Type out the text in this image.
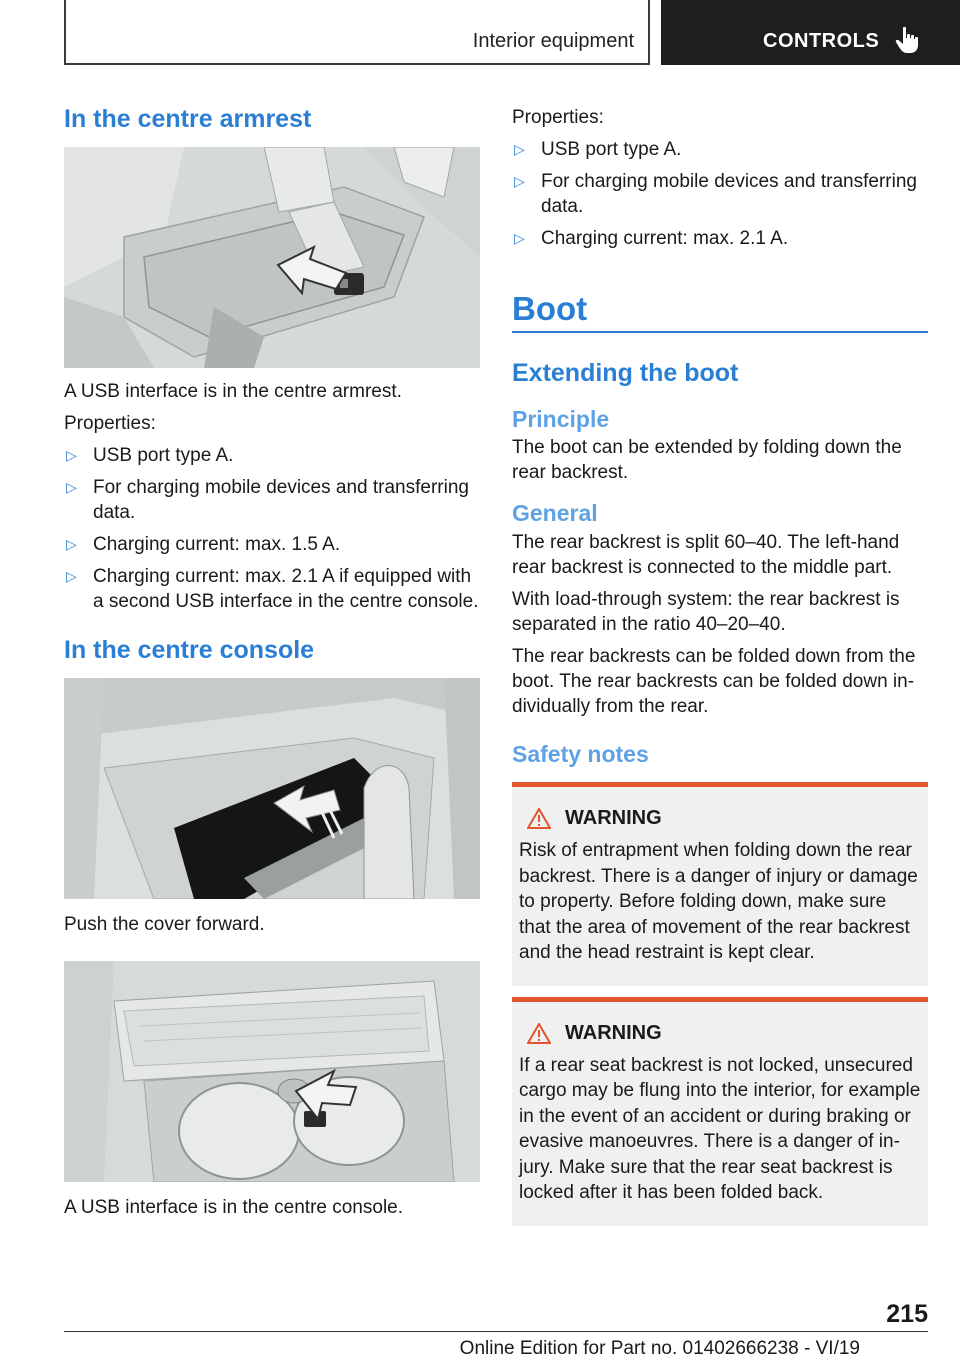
Interior equipment	CONTROLS
In the centre armrest

A USB interface is in the centre armrest.

Properties:

▷ USB port type A.
▷ For charging mobile devices and transferring data.
▷ Charging current: max. 1.5 A.
▷ Charging current: max. 2.1 A if equipped with a second USB interface in the centre console.
In the centre console

Push the cover forward.

A USB interface is in the centre console.

Properties:

▷ USB port type A.
▷ For charging mobile devices and transferring data.
▷ Charging current: max. 2.1 A.
Boot
Extending the boot
Principle

The boot can be extended by folding down the rear backrest.

General

The rear backrest is split 60–40. The left-hand rear backrest is connected to the middle part.

With load-through system: the rear backrest is separated in the ratio 40–20–40.

The rear backrests can be folded down from the boot. The rear backrests can be folded down individually from the rear.

Safety notes
WARNING

Risk of entrapment when folding down the rear backrest. There is a danger of injury or damage to property. Before folding down, make sure that the area of movement of the rear backrest and the head restraint is kept clear.

WARNING

If a rear seat backrest is not locked, unsecured cargo may be flung into the interior, for example in the event of an accident or during braking or evasive manoeuvres. There is a danger of injury. Make sure that the rear seat backrest is locked after it has been folded back.

215
Online Edition for Part no. 01402666238 - VI/19
